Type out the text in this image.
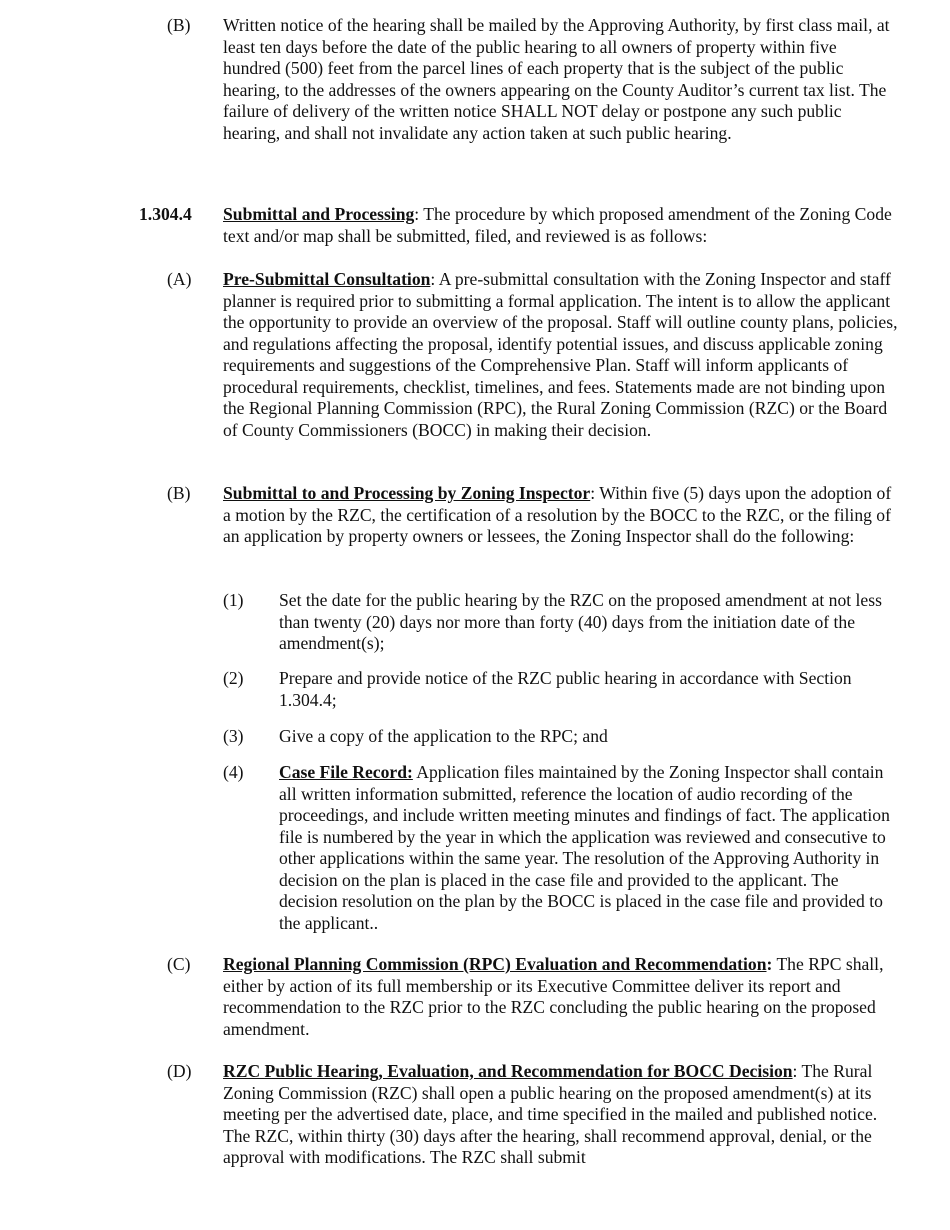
(B) Written notice of the hearing shall be mailed by the Approving Authority, by first class mail, at least ten days before the date of the public hearing to all owners of property within five hundred (500) feet from the parcel lines of each property that is the subject of the public hearing, to the addresses of the owners appearing on the County Auditor’s current tax list. The failure of delivery of the written notice SHALL NOT delay or postpone any such public hearing, and shall not invalidate any action taken at such public hearing.
1.304.4 Submittal and Processing: The procedure by which proposed amendment of the Zoning Code text and/or map shall be submitted, filed, and reviewed is as follows:
(A) Pre-Submittal Consultation: A pre-submittal consultation with the Zoning Inspector and staff planner is required prior to submitting a formal application. The intent is to allow the applicant the opportunity to provide an overview of the proposal. Staff will outline county plans, policies, and regulations affecting the proposal, identify potential issues, and discuss applicable zoning requirements and suggestions of the Comprehensive Plan. Staff will inform applicants of procedural requirements, checklist, timelines, and fees. Statements made are not binding upon the Regional Planning Commission (RPC), the Rural Zoning Commission (RZC) or the Board of County Commissioners (BOCC) in making their decision.
(B) Submittal to and Processing by Zoning Inspector: Within five (5) days upon the adoption of a motion by the RZC, the certification of a resolution by the BOCC to the RZC, or the filing of an application by property owners or lessees, the Zoning Inspector shall do the following:
(1) Set the date for the public hearing by the RZC on the proposed amendment at not less than twenty (20) days nor more than forty (40) days from the initiation date of the amendment(s);
(2) Prepare and provide notice of the RZC public hearing in accordance with Section 1.304.4;
(3) Give a copy of the application to the RPC; and
(4) Case File Record: Application files maintained by the Zoning Inspector shall contain all written information submitted, reference the location of audio recording of the proceedings, and include written meeting minutes and findings of fact. The application file is numbered by the year in which the application was reviewed and consecutive to other applications within the same year. The resolution of the Approving Authority in decision on the plan is placed in the case file and provided to the applicant. The decision resolution on the plan by the BOCC is placed in the case file and provided to the applicant..
(C) Regional Planning Commission (RPC) Evaluation and Recommendation: The RPC shall, either by action of its full membership or its Executive Committee deliver its report and recommendation to the RZC prior to the RZC concluding the public hearing on the proposed amendment.
(D) RZC Public Hearing, Evaluation, and Recommendation for BOCC Decision: The Rural Zoning Commission (RZC) shall open a public hearing on the proposed amendment(s) at its meeting per the advertised date, place, and time specified in the mailed and published notice. The RZC, within thirty (30) days after the hearing, shall recommend approval, denial, or the approval with modifications. The RZC shall submit
